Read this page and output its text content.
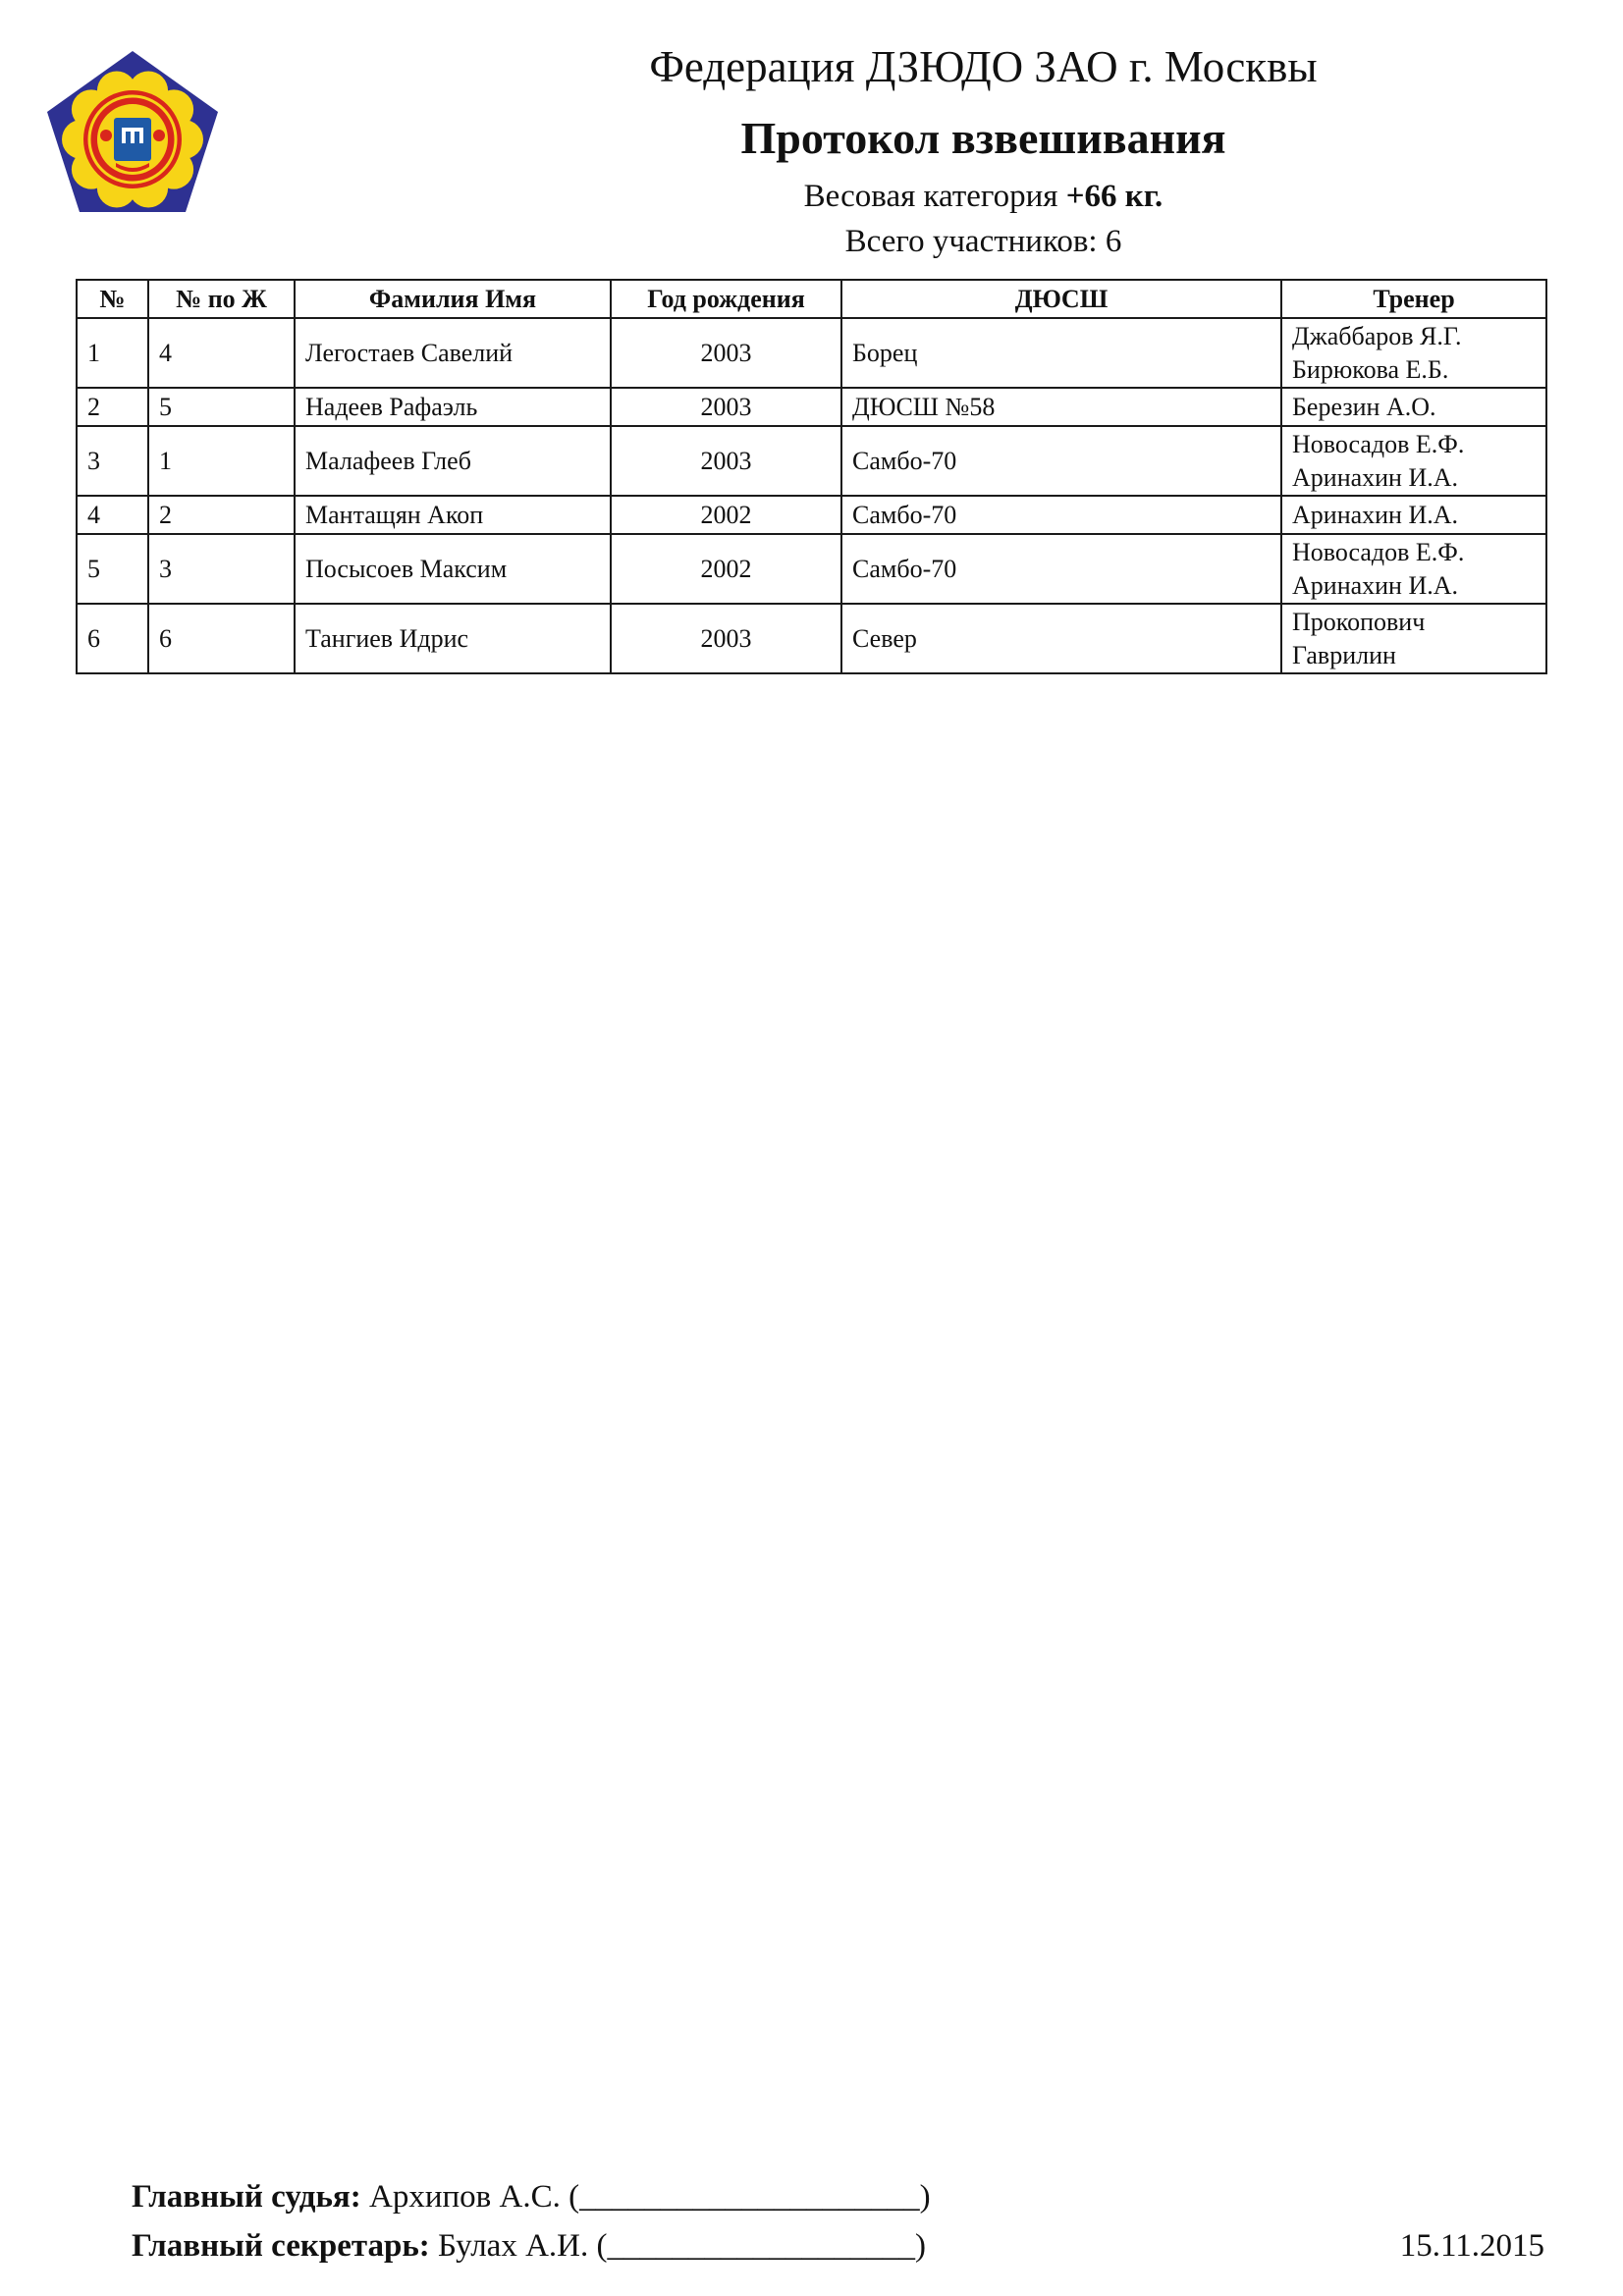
Федерация ДЗЮДО ЗАО г. Москвы
Протокол взвешивания
Весовая категория +66 кг.
Всего участников: 6
№	№ по Ж	Фамилия Имя	Год рождения	ДЮСШ	Тренер
1	4	Легостаев Савелий	2003	Борец	Джаббаров Я.Г.
Бирюкова Е.Б.

2	5	Надеев Рафаэль	2003	ДЮСШ №58	Березин А.О.

3	1	Малафеев Глеб	2003	Самбо-70	Новосадов Е.Ф.
Аринахин И.А.

4	2	Мантащян Акоп	2002	Самбо-70	Аринахин И.А.

5	3	Посысоев Максим	2002	Самбо-70	Новосадов Е.Ф.
Аринахин И.А.

6	6	Тангиев Идрис	2003	Север	Прокопович
Гаврилин
Главный судья: Архипов А.С. (_____________________)
Главный секретарь: Булах А.И. (___________________)	15.11.2015
